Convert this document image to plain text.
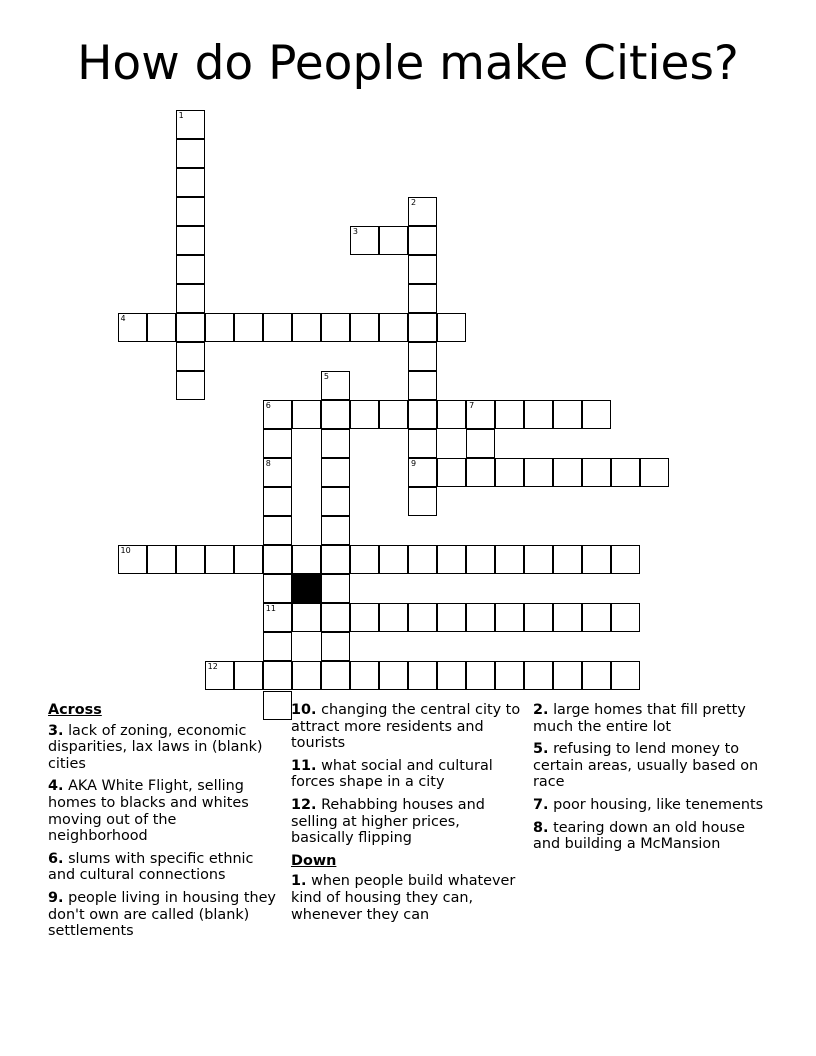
How do People make Cities?
1
2
9
3
4
5
6	7
8
11
10
12
Across
3. lack of zoning, economic disparities, lax laws in (blank) cities
4. AKA White Flight, selling homes to blacks and whites moving out of the neighborhood
6. slums with specific ethnic and cultural connections
9. people living in housing they don't own are called (blank) settlements
10. changing the central city to attract more residents and tourists
11. what social and cultural forces shape in a city
12. Rehabbing houses and selling at higher prices, basically flipping
Down
1. when people build whatever kind of housing they can, whenever they can
2. large homes that fill pretty much the entire lot
5. refusing to lend money to certain areas, usually based on race
7. poor housing, like tenements
8. tearing down an old house and building a McMansion
